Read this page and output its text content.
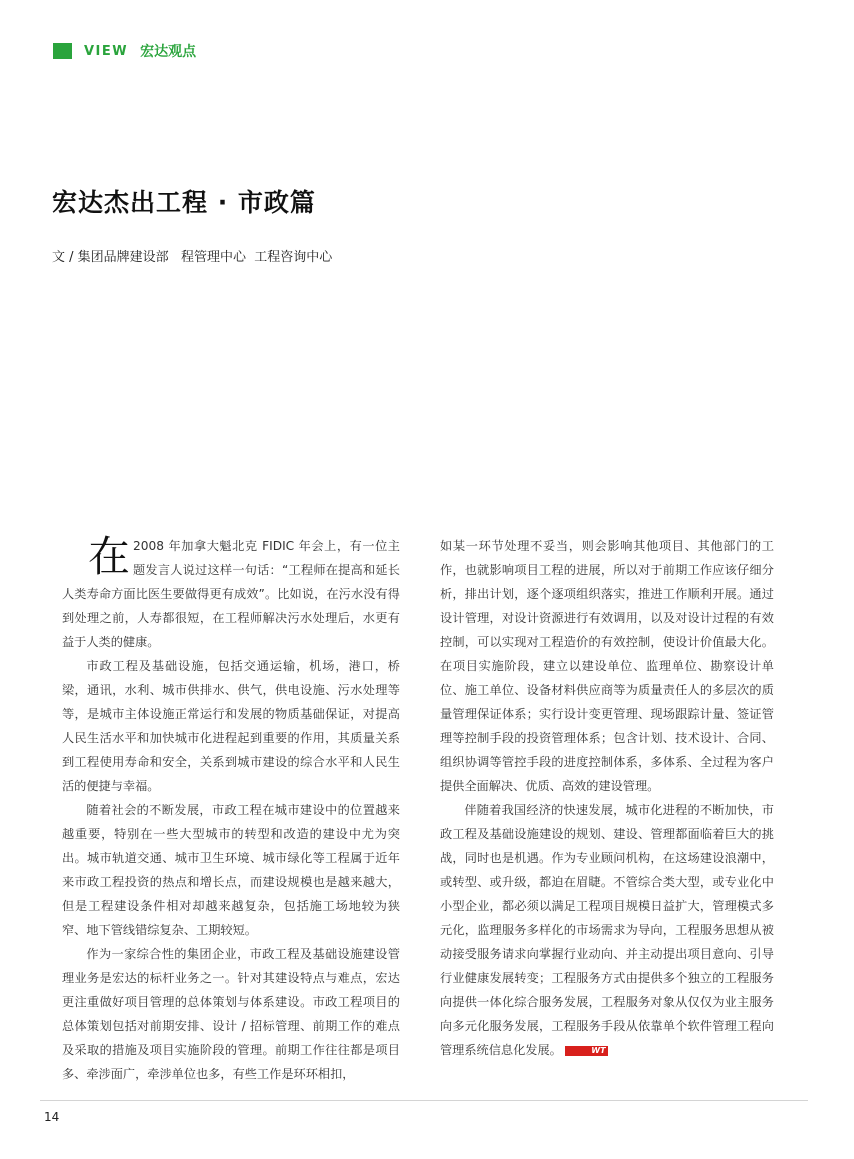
VIEW 宏达观点
宏达杰出工程 · 市政篇

文 / 集团品牌建设部   程管理中心  工程咨询中心

在 2008 年加拿大魁北克 FIDIC 年会上，有一位主题发言人说过这样一句话：“工程师在提高和延长人类寿命方面比医生要做得更有成效”。比如说，在污水没有得到处理之前，人寿都很短，在工程师解决污水处理后，水更有益于人类的健康。

市政工程及基础设施，包括交通运输，机场，港口，桥梁，通讯，水利、城市供排水、供气，供电设施、污水处理等等，是城市主体设施正常运行和发展的物质基础保证，对提高人民生活水平和加快城市化进程起到重要的作用，其质量关系到工程使用寿命和安全，关系到城市建设的综合水平和人民生活的便捷与幸福。

随着社会的不断发展，市政工程在城市建设中的位置越来越重要，特别在一些大型城市的转型和改造的建设中尤为突出。城市轨道交通、城市卫生环境、城市绿化等工程属于近年来市政工程投资的热点和增长点，而建设规模也是越来越大，但是工程建设条件相对却越来越复杂，包括施工场地较为狭窄、地下管线错综复杂、工期较短。

作为一家综合性的集团企业，市政工程及基础设施建设管理业务是宏达的标杆业务之一。针对其建设特点与难点，宏达更注重做好项目管理的总体策划与体系建设。市政工程项目的总体策划包括对前期安排、设计 / 招标管理、前期工作的难点及采取的措施及项目实施阶段的管理。前期工作往往都是项目多、牵涉面广，牵涉单位也多，有些工作是环环相扣，

如某一环节处理不妥当，则会影响其他项目、其他部门的工作，也就影响项目工程的进展，所以对于前期工作应该仔细分析，排出计划，逐个逐项组织落实，推进工作顺利开展。通过设计管理，对设计资源进行有效调用，以及对设计过程的有效控制，可以实现对工程造价的有效控制，使设计价值最大化。在项目实施阶段，建立以建设单位、监理单位、勘察设计单位、施工单位、设备材料供应商等为质量责任人的多层次的质量管理保证体系；实行设计变更管理、现场跟踪计量、签证管理等控制手段的投资管理体系；包含计划、技术设计、合同、组织协调等管控手段的进度控制体系，多体系、全过程为客户提供全面解决、优质、高效的建设管理。

伴随着我国经济的快速发展，城市化进程的不断加快，市政工程及基础设施建设的规划、建设、管理都面临着巨大的挑战，同时也是机遇。作为专业顾问机构，在这场建设浪潮中，或转型、或升级，都迫在眉睫。不管综合类大型，或专业化中小型企业，都必须以满足工程项目规模日益扩大，管理模式多元化，监理服务多样化的市场需求为导向，工程服务思想从被动接受服务请求向掌握行业动向、并主动提出项目意向、引导行业健康发展转变；工程服务方式由提供多个独立的工程服务向提供一体化综合服务发展，工程服务对象从仅仅为业主服务向多元化服务发展，工程服务手段从依靠单个软件管理工程向管理系统信息化发展。	WT

14
